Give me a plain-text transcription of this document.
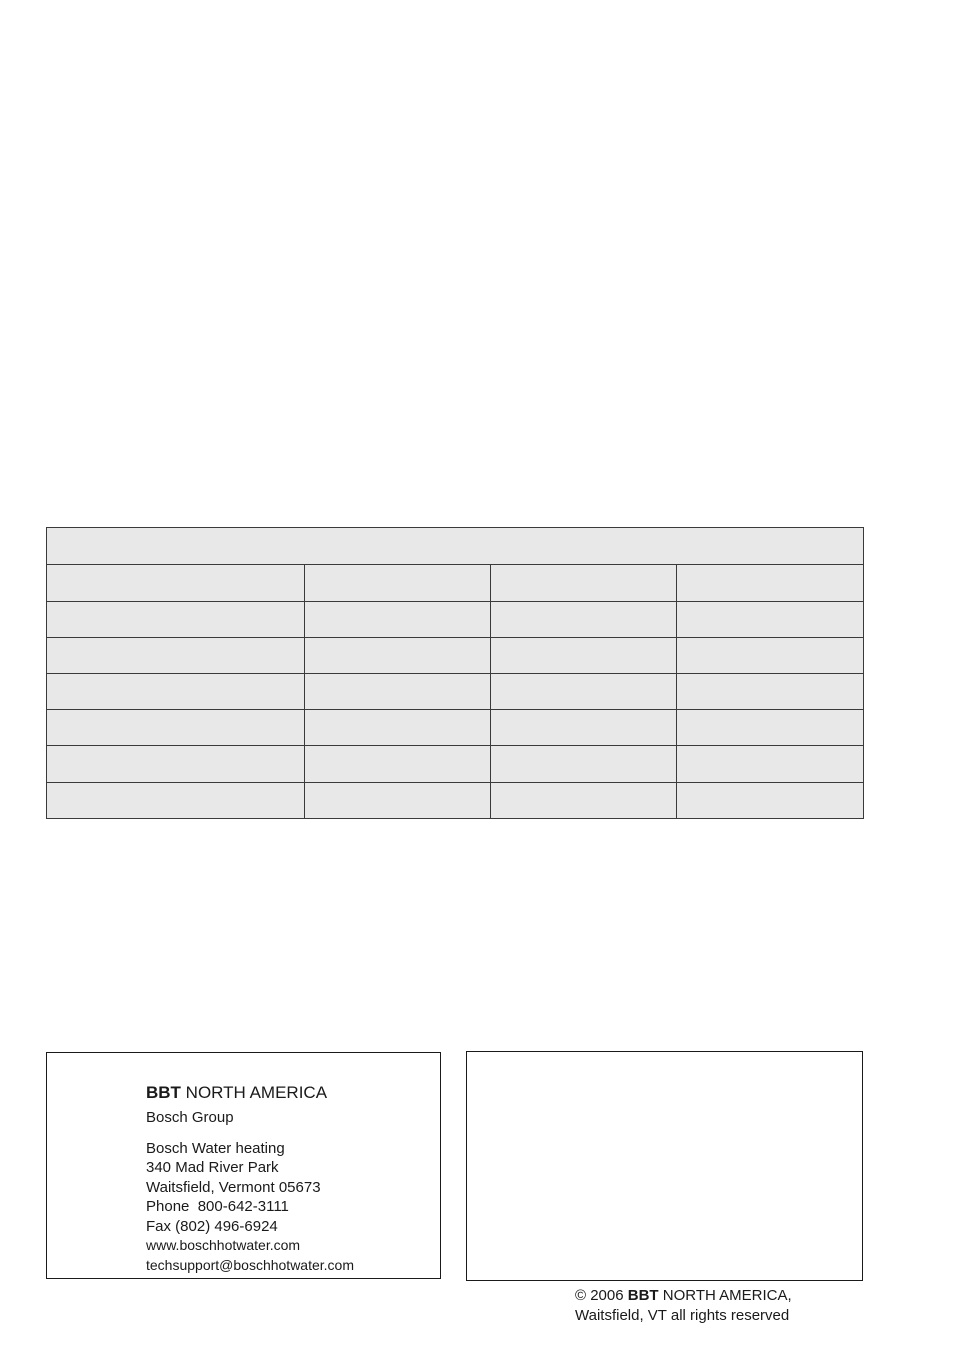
BBT NORTH AMERICA
Bosch Group
Bosch Water heating
340 Mad River Park
Waitsfield, Vermont 05673
Phone  800-642-3111
Fax (802) 496-6924
www.boschhotwater.com
techsupport@boschhotwater.com
© 2006 BBT NORTH AMERICA,
Waitsfield, VT all rights reserved
